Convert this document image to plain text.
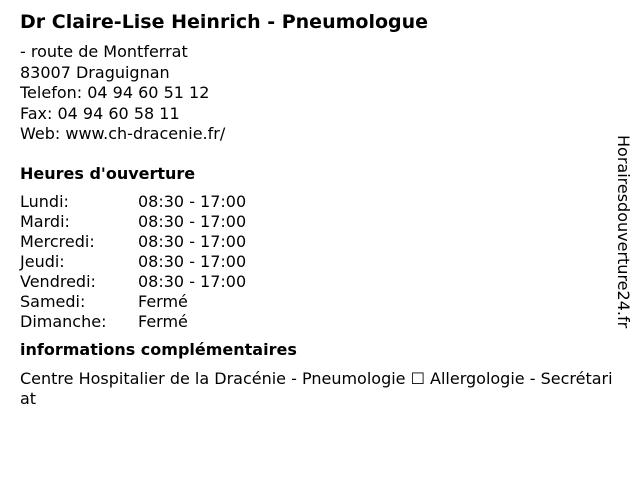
Dr Claire-Lise Heinrich - Pneumologue
- route de Montferrat
83007 Draguignan
Telefon: 04 94 60 51 12
Fax: 04 94 60 58 11
Web: www.ch-dracenie.fr/
Heures d'ouverture
Lundi:	08:30 - 17:00
Mardi:	08:30 - 17:00
Mercredi:	08:30 - 17:00
Jeudi:	08:30 - 17:00
Vendredi:	08:30 - 17:00
Samedi:	Fermé
Dimanche:	Fermé
informations complémentaires
Centre Hospitalier de la Dracénie - Pneumologie ☐ Allergologie - Secrétariat
Horairesdouverture24.fr
